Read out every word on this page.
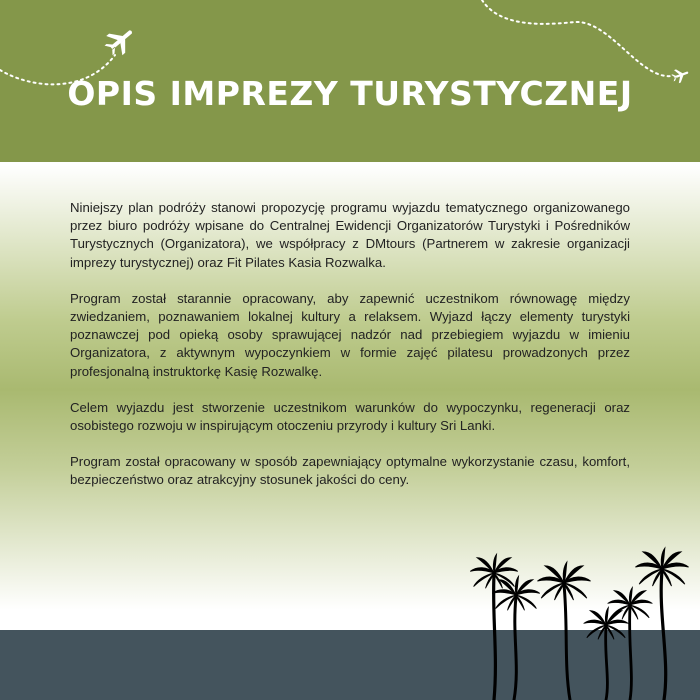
OPIS IMPREZY TURYSTYCZNEJ

Niniejszy plan podróży stanowi propozycję programu wyjazdu tematycznego organizowanego przez biuro podróży wpisane do Centralnej Ewidencji Organizatorów Turystyki i Pośredników Turystycznych (Organizatora), we współpracy z DMtours (Partnerem w zakresie organizacji imprezy turystycznej) oraz Fit Pilates Kasia Rozwalka.

Program został starannie opracowany, aby zapewnić uczestnikom równowagę między zwiedzaniem, poznawaniem lokalnej kultury a relaksem. Wyjazd łączy elementy turystyki poznawczej pod opieką osoby sprawującej nadzór nad przebiegiem wyjazdu w imieniu Organizatora, z aktywnym wypoczynkiem w formie zajęć pilatesu prowadzonych przez profesjonalną instruktorkę Kasię Rozwalkę.

Celem wyjazdu jest stworzenie uczestnikom warunków do wypoczynku, regeneracji oraz osobistego rozwoju w inspirującym otoczeniu przyrody i kultury Sri Lanki.

Program został opracowany w sposób zapewniający optymalne wykorzystanie czasu, komfort, bezpieczeństwo oraz atrakcyjny stosunek jakości do ceny.
